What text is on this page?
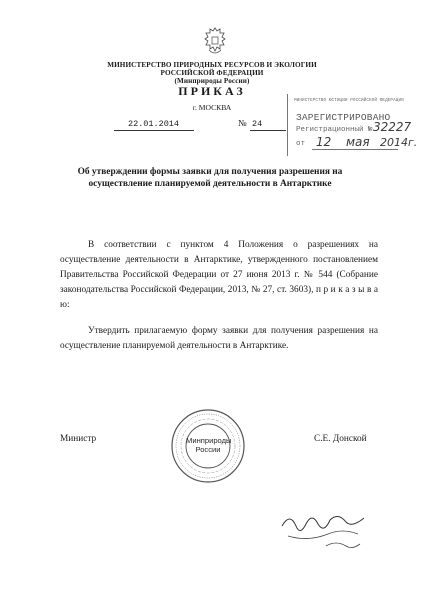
МИНИСТЕРСТВО ПРИРОДНЫХ РЕСУРСОВ И ЭКОЛОГИИ
РОССИЙСКОЙ ФЕДЕРАЦИИ
(Минприроды России)
ПРИКАЗ
г. МОСКВА
22.01.2014	№ 24
МИНИСТЕРСТВО ЮСТИЦИИ РОССИЙСКОЙ ФЕДЕРАЦИИ
ЗАРЕГИСТРИРОВАНО
Регистрационный № 32227
от 12 мая 2014г.
Об утверждении формы заявки для получения разрешения на осуществление планируемой деятельности в Антарктике
В соответствии с пунктом 4 Положения о разрешениях на осуществление деятельности в Антарктике, утвержденного постановлением Правительства Российской Федерации от 27 июня 2013 г. № 544 (Собрание законодательства Российской Федерации, 2013, № 27, ст. 3603), п р и к а з ы в а ю:
Утвердить прилагаемую форму заявки для получения разрешения на осуществление планируемой деятельности в Антарктике.
Минприроды
России
Министр	С.Е. Донской
